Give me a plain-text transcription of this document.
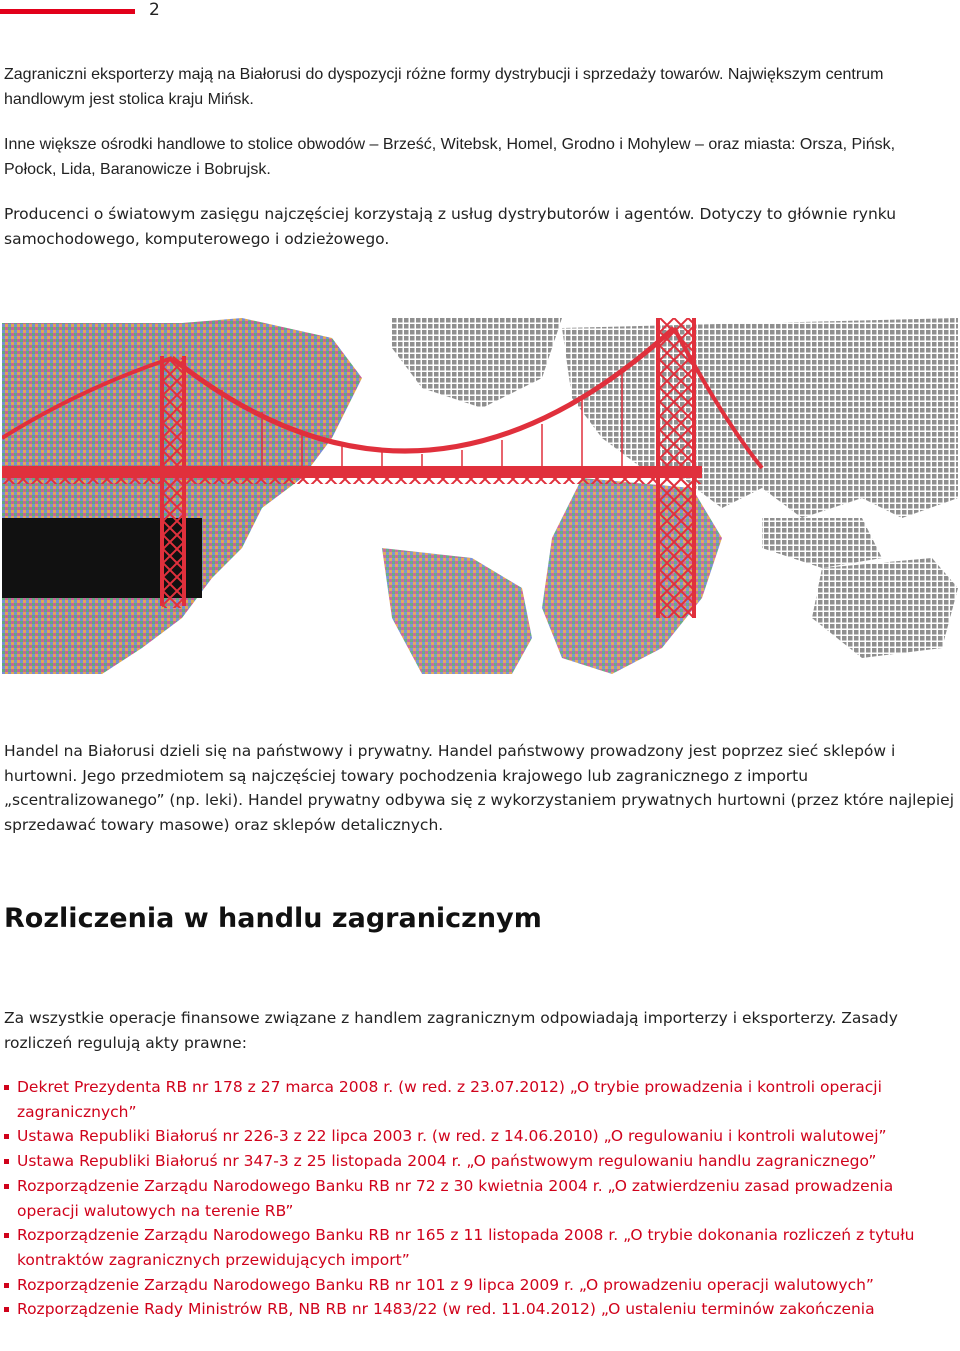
2

Zagraniczni eksporterzy mają na Białorusi do dyspozycji różne formy dystrybucji i sprzedaży towarów. Największym centrum handlowym jest stolica kraju Mińsk.

Inne większe ośrodki handlowe to stolice obwodów – Brześć, Witebsk, Homel, Grodno i Mohylew – oraz miasta: Orsza, Pińsk, Połock, Lida, Baranowicze i Bobrujsk.

Producenci o światowym zasięgu najczęściej korzystają z usług dystrybutorów i agentów. Dotyczy to głównie rynku samochodowego, komputerowego i odzieżowego.

Handel na Białorusi dzieli się na państwowy i prywatny. Handel państwowy prowadzony jest poprzez sieć sklepów i hurtowni. Jego przedmiotem są najczęściej towary pochodzenia krajowego lub zagranicznego z importu „scentralizowanego” (np. leki). Handel prywatny odbywa się z wykorzystaniem prywatnych hurtowni (przez które najlepiej sprzedawać towary masowe) oraz sklepów detalicznych.

Rozliczenia w handlu zagranicznym

Za wszystkie operacje finansowe związane z handlem zagranicznym odpowiadają importerzy i eksporterzy. Zasady rozliczeń regulują akty prawne:

Dekret Prezydenta RB nr 178 z 27 marca 2008 r. (w red. z 23.07.2012) „O trybie prowadzenia i kontroli operacji zagranicznych”
Ustawa Republiki Białoruś nr 226-3 z 22 lipca 2003 r. (w red. z 14.06.2010) „O regulowaniu i kontroli walutowej”
Ustawa Republiki Białoruś nr 347-3 z 25 listopada 2004 r. „O państwowym regulowaniu handlu zagranicznego”
Rozporządzenie Zarządu Narodowego Banku RB nr 72 z 30 kwietnia 2004 r. „O zatwierdzeniu zasad prowadzenia operacji walutowych na terenie RB”
Rozporządzenie Zarządu Narodowego Banku RB nr 165 z 11 listopada 2008 r. „O trybie dokonania rozliczeń z tytułu kontraktów zagranicznych przewidujących import”
Rozporządzenie Zarządu Narodowego Banku RB nr 101 z 9 lipca 2009 r. „O prowadzeniu operacji walutowych”
Rozporządzenie Rady Ministrów RB, NB RB nr 1483/22 (w red. 11.04.2012) „O ustaleniu terminów zakończenia
